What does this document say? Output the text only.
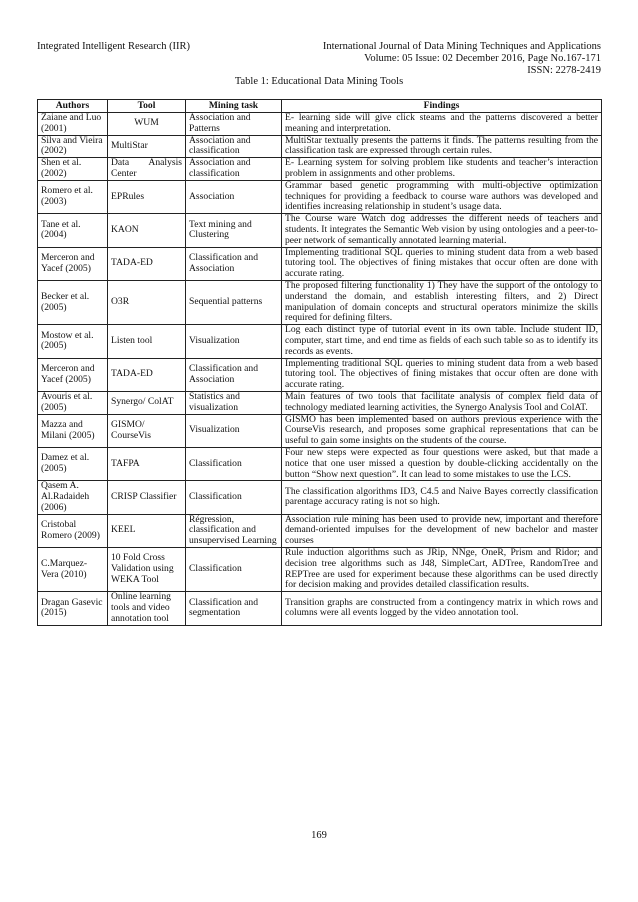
Integrated Intelligent Research (IIR)	International Journal of Data Mining Techniques and Applications
Volume: 05 Issue: 02 December 2016, Page No.167-171
ISSN: 2278-2419
Table 1: Educational Data Mining Tools
Authors	Tool	Mining task	Findings
Zaiane and Luo (2001)	WUM	Association and Patterns	E- learning side will give click steams and the patterns discovered a better meaning and interpretation.
Silva and Vieira (2002)	MultiStar	Association and classification	MultiStar textually presents the patterns it finds. The patterns resulting from the classification task are expressed through certain rules.
Shen et al. (2002)	Data Analysis Center	Association and classification	E- Learning system for solving problem like students and teacher’s interaction problem in assignments and other problems.
Romero et al. (2003)	EPRules	Association	Grammar based genetic programming with multi-objective optimization techniques for providing a feedback to course ware authors was developed and identifies increasing relationship in student’s usage data.
Tane et al. (2004)	KAON	Text mining and Clustering	The Course ware Watch dog addresses the different needs of teachers and students. It integrates the Semantic Web vision by using ontologies and a peer-to-peer network of semantically annotated learning material.
Merceron and Yacef (2005)	TADA-ED	Classification and Association	Implementing traditional SQL queries to mining student data from a web based tutoring tool. The objectives of fining mistakes that occur often are done with accurate rating.
Becker et al. (2005)	O3R	Sequential patterns	The proposed filtering functionality 1) They have the support of the ontology to understand the domain, and establish interesting filters, and 2) Direct manipulation of domain concepts and structural operators minimize the skills required for defining filters.
Mostow et al. (2005)	Listen tool	Visualization	Log each distinct type of tutorial event in its own table. Include student ID, computer, start time, and end time as fields of each such table so as to identify its records as events.
Merceron and Yacef (2005)	TADA-ED	Classification and Association	Implementing traditional SQL queries to mining student data from a web based tutoring tool. The objectives of fining mistakes that occur often are done with accurate rating.
Avouris et al. (2005)	Synergo/ ColAT	Statistics and visualization	Main features of two tools that facilitate analysis of complex field data of technology mediated learning activities, the Synergo Analysis Tool and ColAT.
Mazza and Milani (2005)	GISMO/ CourseVis	Visualization	GISMO has been implemented based on authors previous experience with the CourseVis research, and proposes some graphical representations that can be useful to gain some insights on the students of the course.
Damez et al. (2005)	TAFPA	Classification	Four new steps were expected as four questions were asked, but that made a notice that one user missed a question by double-clicking accidentally on the button “Show next question”. It can lead to some mistakes to use the LCS.
Qasem A. Al.Radaideh (2006)	CRISP Classifier	Classification	The classification algorithms ID3, C4.5 and Naive Bayes correctly classification parentage accuracy rating is not so high.
Cristobal Romero (2009)	KEEL	Régression, classification and unsupervised Learning	Association rule mining has been used to provide new, important and therefore demand-oriented impulses for the development of new bachelor and master courses
C.Marquez-Vera (2010)	10 Fold Cross Validation using WEKA Tool	Classification	Rule induction algorithms such as JRip, NNge, OneR, Prism and Ridor; and decision tree algorithms such as J48, SimpleCart, ADTree, RandomTree and REPTree are used for experiment because these algorithms can be used directly for decision making and provides detailed classification results.
Dragan Gasevic (2015)	Online learning tools and video annotation tool	Classification and segmentation	Transition graphs are constructed from a contingency matrix in which rows and columns were all events logged by the video annotation tool.
169
